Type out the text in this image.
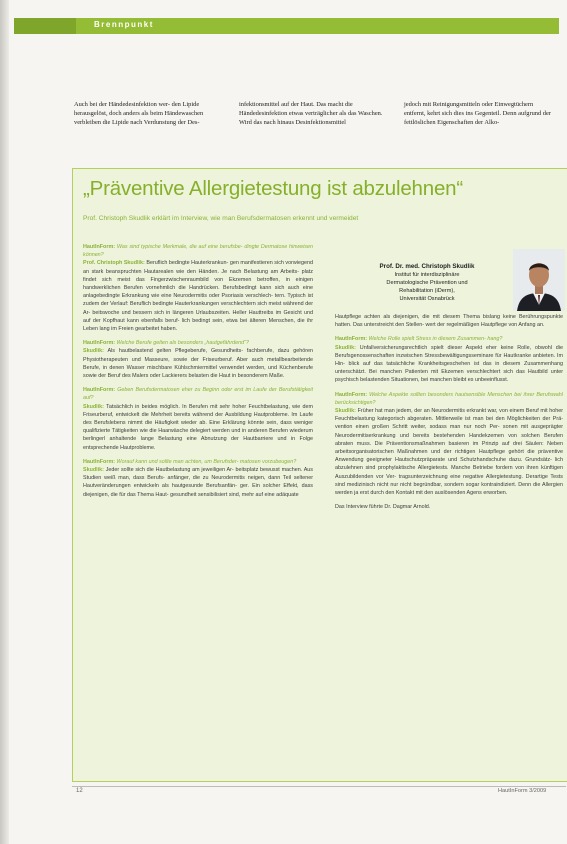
Brennpunkt

Auch bei der Händedesinfektion wer- den Lipide herausgelöst, doch anders als beim Händewaschen verbleiben die Lipide nach Verdunstung der Des-

infektionsmittel auf der Haut. Das macht die Händedesinfektion etwas verträglicher als das Waschen. Wird das nach hinaus Desinfektionsmittel

jedoch mit Reinigungsmitteln oder Einwegtüchern entfernt, kehrt sich dies ins Gegenteil. Denn aufgrund der fettlöslichen Eigenschaften der Alko-

„Präventive Allergietestung ist abzulehnen“
Prof. Christoph Skudlik erklärt im Interview, wie man Berufsdermatosen erkennt und vermeidet

HautInForm: Was sind typische Merkmale, die auf eine berufsbe- dingte Dermatose hinweisen können?
Prof. Christoph Skudlik: Beruflich bedingte Hauterkrankun- gen manifestieren sich vorwiegend an stark beanspruchten Hautarealen wie den Händen. Je nach Belastung am Arbeits- platz findet sich meist das Fingerzwischenraumbild von Ekzemen betroffen, in einigen handwerklichen Berufen vornehmlich die Handrücken. Berufsbedingt kann sich auch eine anlagebedingte Erkrankung wie eine Neurodermitis oder Psoriasis verschlech- tern. Typisch ist zudem der Verlauf: Beruflich bedingte Hauterkrankungen verschlechtern sich meist während der Ar- beitswoche und bessern sich in längeren Urlaubszeiten. Heller Hauttreibs im Gesicht und auf der Kopfhaut kann ebenfalls beruf- lich bedingt sein, etwa bei älteren Menschen, die ihr Leben lang im Freien gearbeitet haben.

HautInForm: Welche Berufe gelten als besonders „hautgefährdend“?
Skudlik: Als hautbelastend gelten Pflegeberufe, Gesundheits- fachberufe, dazu gehören Physiotherapeuten und Masseure, sowie der Friseurberuf. Aber auch metallbearbeitende Berufe, in denen Wasser mischbare Kühlschmiermittel verwendet werden, und Küchenberufe sowie der Beruf des Malers oder Lackierers belasten die Haut in besonderem Maße.

HautInForm: Geben Berufsdermatosen eher zu Beginn oder erst im Laufe der Berufstätigkeit auf?
Skudlik: Tatsächlich in beides möglich. In Berufen mit sehr hoher Feuchtbelastung, wie dem Friseurberuf, entwickelt die Mehrheit bereits während der Ausbildung Hautprobleme. Im Laufe des Berufslebens nimmt die Häufigkeit wieder ab. Eine Erklärung könnte sein, dass weniger qualifizierte Tätigkeiten wie die Haarwäsche delegiert werden und in anderen Berufen wiederum berlingerl anhaltende lange Belastung eine Abnutzung der Hautbarriere und in Folge entsprechende Hautprobleme.

HautInForm: Worauf kann und sollte man achten, um Berufsder- matosen vorzubeugen?
Skudlik: Jeder sollte sich die Hautbelastung am jeweiligen Ar- beitsplatz bewusst machen. Aus Studien weiß man, dass Berufs- anfänger, die zu Neurodermitis neigen, dann Teil seltener Hautveränderungen entwickeln als hautgesunde Berufsanfän- ger. Ein solcher Effekt, dass diejenigen, die für das Thema Haut- gesundheit sensibilisiert sind, mehr auf eine adäquate

Prof. Dr. med. Christoph Skudlik
Institut für interdisziplinäre
Dermatologische Prävention und
Rehabilitation (iDerm),
Universität Osnabrück

Hautpflege achten als diejenigen, die mit diesem Thema bislang keine Berührungspunkte hatten. Das unterstreicht den Stellen- wert der regelmäßigen Hautpflege von Anfang an.

HautInForm: Welche Rolle spielt Stress in diesem Zusammen- hang?
Skudlik: Unfallversicherungsrechtlich spielt dieser Aspekt eher keine Rolle, obwohl die Berufsgenossenschaften inzwischen Stressbewältigungsseminare für Hautkranke anbieten. Im Hin- blick auf das tatsächliche Krankheitsgeschehen ist das in diesem Zusammenhang unterschätzt. Bei manchen Patienten mit Ekzemen verschlechtert sich das Hautbild unter psychisch belastenden Situationen, bei manchen bleibt es unbeeinflusst.

HautInForm: Welche Aspekte sollten besonders hautsensible Menschen bei ihrer Berufswahl berücksichtigen?
Skudlik: Früher hat man jedem, der an Neurodermitis erkrankt war, von einem Beruf mit hoher Feuchtbelastung kategorisch abgeraten. Mittlerweile ist man bei den Möglichkeiten der Prä- vention einen großen Schritt weiter, sodass man nur noch Per- sonen mit ausgeprägter Neurodermitiserkrankung und bereits bestehenden Handekzemen von solchen Berufen abraten muss. Die Präventionsmaßnahmen basieren im Prinzip auf drei Säulen: Neben arbeitsorganisatorischen Maßnahmen und der richtigen Hautpflege gehört die präventive Anwendung geeigneter Hautschutzpräparate und Schutzhandschuhe dazu. Grundsätz- lich abzulehnen sind prophylaktische Allergietests. Manche Betriebe fordern von ihren künftigen Auszubildenden vor Ver- tragsunterzeichnung eine negative Allergietestung. Derartige Tests sind medizinisch nicht nur nicht begründbar, sondern sogar kontraindiziert. Denn die Allergien werden ja erst durch den Kontakt mit den auslösenden Agens erworben.

Das Interview führte Dr. Dagmar Arnold.

12	HautInForm 3/2009
